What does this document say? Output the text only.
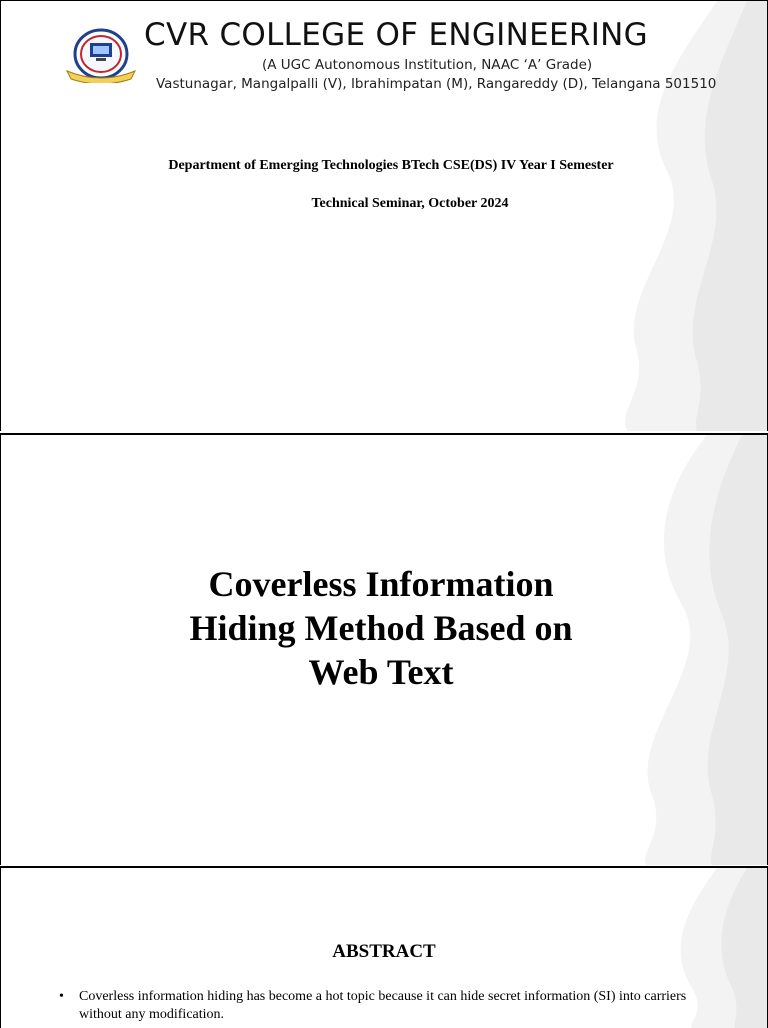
CVR COLLEGE OF ENGINEERING
(A UGC Autonomous Institution, NAAC ‘A’ Grade)
Vastunagar, Mangalpalli (V), Ibrahimpatan (M), Rangareddy (D), Telangana 501510
Department of Emerging Technologies BTech CSE(DS) IV Year I Semester
Technical Seminar, October 2024
Coverless Information
Hiding Method Based on
Web Text
ABSTRACT
• Coverless information hiding has become a hot topic because it can hide secret information (SI) into carriers without any modification.
